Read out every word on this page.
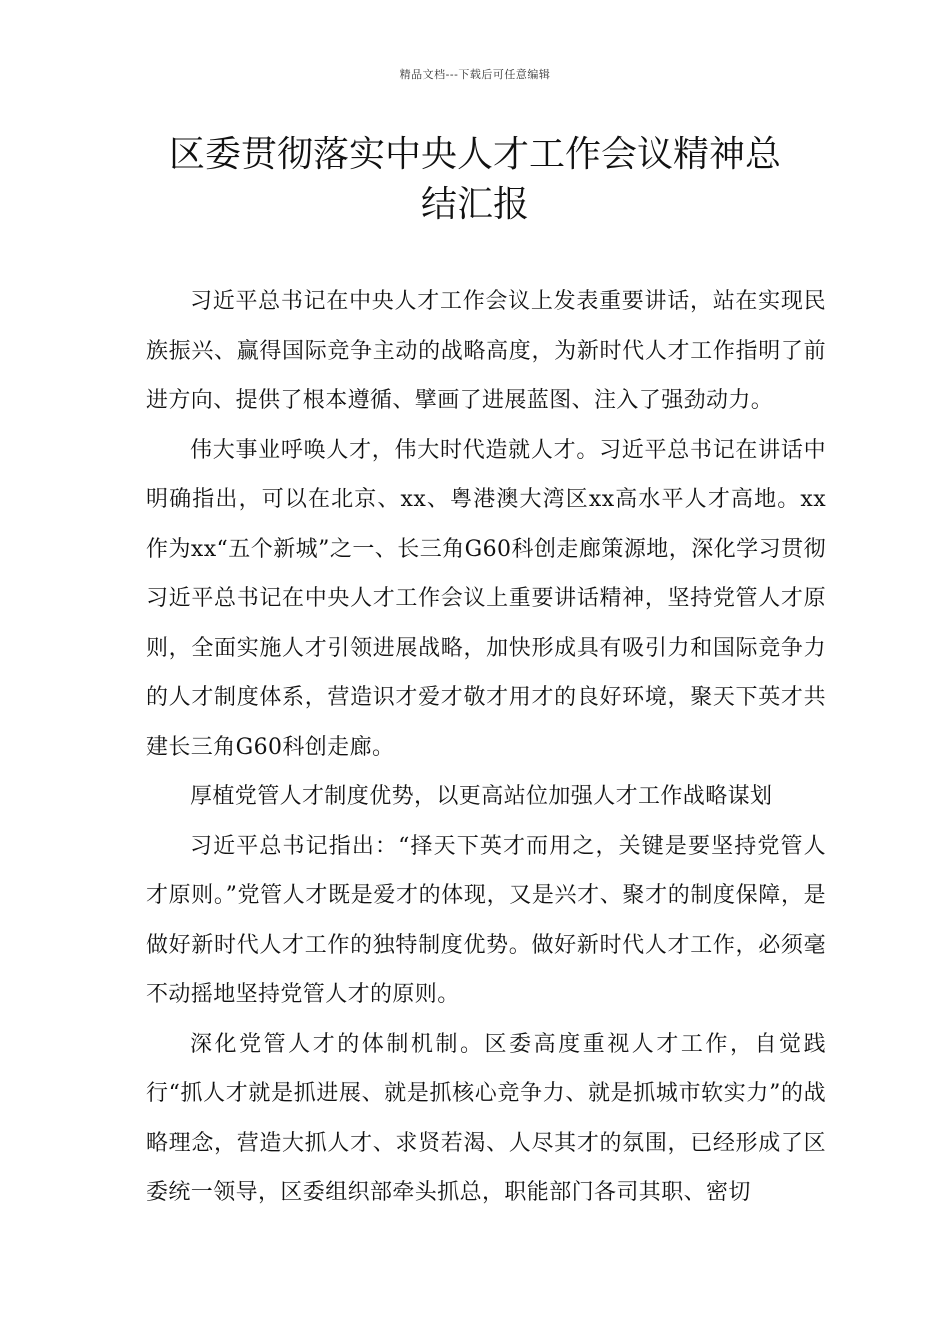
精品文档---下载后可任意编辑
区委贯彻落实中央人才工作会议精神总
结汇报

习近平总书记在中央人才工作会议上发表重要讲话，站在实现民族振兴、赢得国际竞争主动的战略高度，为新时代人才工作指明了前进方向、提供了根本遵循、擘画了进展蓝图、注入了强劲动力。

伟大事业呼唤人才，伟大时代造就人才。习近平总书记在讲话中明确指出，可以在北京、xx、粤港澳大湾区xx高水平人才高地。xx作为xx“五个新城”之一、长三角G60科创走廊策源地，深化学习贯彻习近平总书记在中央人才工作会议上重要讲话精神，坚持党管人才原则，全面实施人才引领进展战略，加快形成具有吸引力和国际竞争力的人才制度体系，营造识才爱才敬才用才的良好环境，聚天下英才共建长三角G60科创走廊。

厚植党管人才制度优势，以更高站位加强人才工作战略谋划

习近平总书记指出：“择天下英才而用之，关键是要坚持党管人才原则。”党管人才既是爱才的体现，又是兴才、聚才的制度保障，是做好新时代人才工作的独特制度优势。做好新时代人才工作，必须毫不动摇地坚持党管人才的原则。

深化党管人才的体制机制。区委高度重视人才工作，自觉践行“抓人才就是抓进展、就是抓核心竞争力、就是抓城市软实力”的战略理念，营造大抓人才、求贤若渴、人尽其才的氛围，已经形成了区委统一领导，区委组织部牵头抓总，职能部门各司其职、密切
